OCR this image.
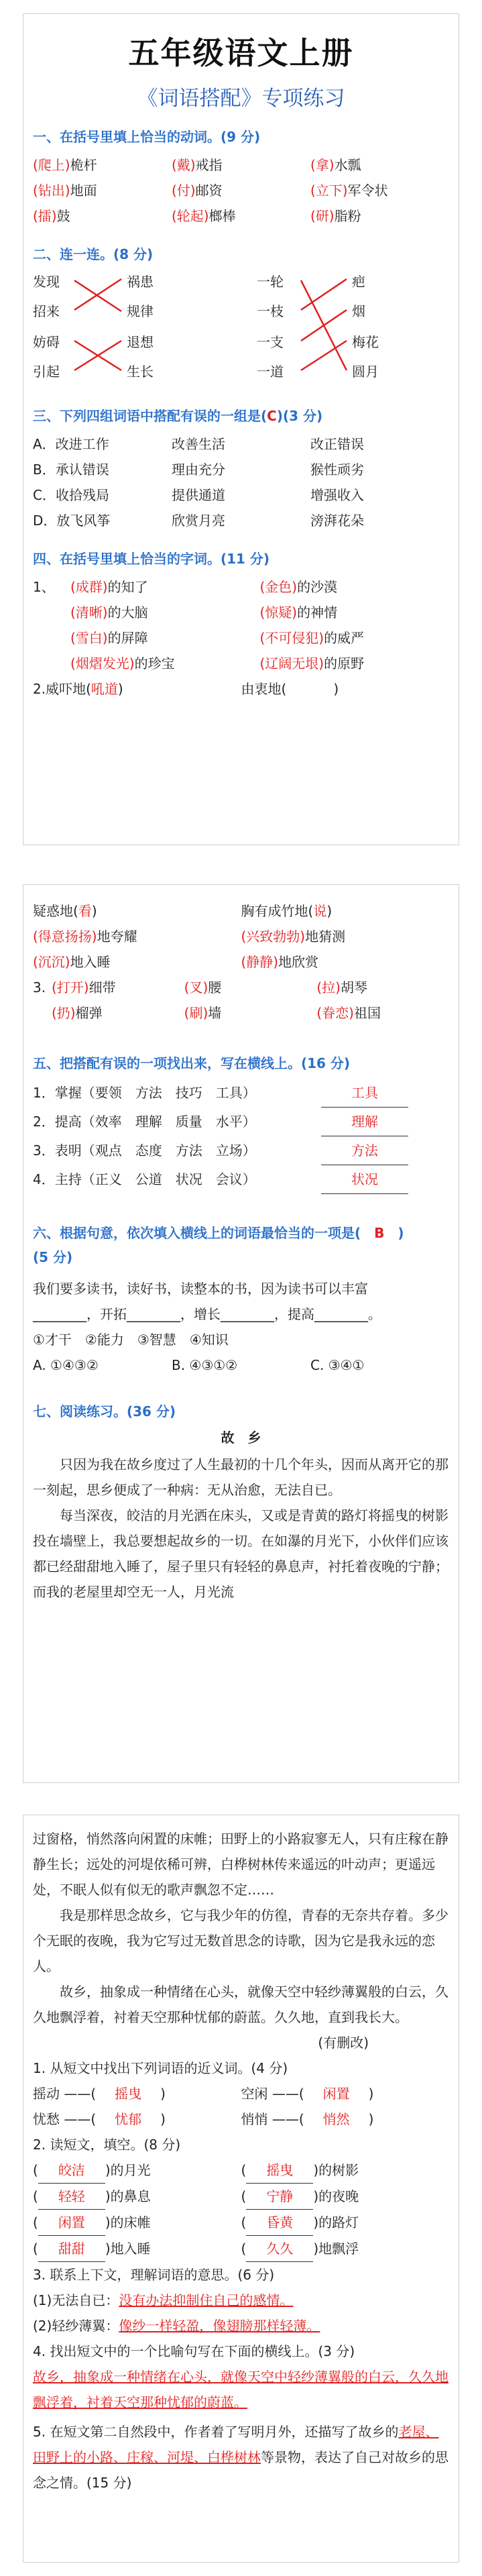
五年级语文上册
《词语搭配》专项练习
一、在括号里填上恰当的动词。(9 分)
(爬上)桅杆	(戴)戒指	(拿)水瓢
(钻出)地面	(付)邮资	(立下)军令状
(擂)鼓	(轮起)榔棒	(研)脂粉
二、连一连。(8 分)
发现
招来
妨碍
引起
祸患
规律
退想
生长
一轮
一枝
一支
一道
疤
烟
梅花
圆月
三、下列四组词语中搭配有误的一组是(C)(3 分)
A．改进工作	改善生活	改正错误
B．承认错误	理由充分	猴性顽劣
C．收拾残局	提供通道	增强收入
D．放飞风筝	欣赏月亮	滂湃花朵
四、在括号里填上恰当的字词。(11 分)
1、	(成群)的知了	(金色)的沙漠
(清晰)的大脑	(惊疑)的神情
(雪白)的屏障	(不可侵犯)的威严
(烟熠发光)的珍宝	(辽阔无垠)的原野
2.威吓地(吼道)	由衷地(	)
疑惑地(看)	胸有成竹地(说)
(得意扬扬)地夸耀	(兴致勃勃)地猜测
(沉沉)地入睡	(静静)地欣赏
3. (打开)细带	(叉)腰	(拉)胡琴
(扔)榴弹	(刷)墙	(眷恋)祖国
五、把搭配有误的一项找出来，写在横线上。(16 分)
1．掌握（要领　方法　技巧　工具）	工具
2．提高（效率　理解　质量　水平）	理解
3．表明（观点　态度　方法　立场）	方法
4．主持（正义　公道　状况　会议）	状况
六、根据句意，依次填入横线上的词语最恰当的一项是( B )
(5 分)
我们要多读书，读好书，读整本的书，因为读书可以丰富
________，开拓________，增长________，提高________。
①才干　②能力　③智慧　④知识
A. ①④③②	B. ④③①②	C. ③④①
七、阅读练习。(36 分)
故　乡
只因为我在故乡度过了人生最初的十几个年头，因而从离开它的那一刻起，思乡便成了一种病：无从治愈，无法自已。
每当深夜，皎洁的月光洒在床头，又或是青黄的路灯将摇曳的树影投在墙壁上，我总要想起故乡的一切。在如瀑的月光下，小伙伴们应该都已经甜甜地入睡了，屋子里只有轻轻的鼻息声，衬托着夜晚的宁静；而我的老屋里却空无一人，月光流
过窗格，悄然落向闲置的床帷；田野上的小路寂寥无人，只有庄稼在静静生长；远处的河堤依稀可辨，白桦树林传来遥远的叶动声；更遥远处，不眠人似有似无的歌声飘忽不定……
我是那样思念故乡，它与我少年的仿徨，青春的无奈共存着。多少个无眠的夜晚，我为它写过无数首思念的诗歌，因为它是我永远的恋人。
故乡，抽象成一种情绪在心头，就像天空中轻纱薄翼般的白云，久久地飘浮着，衬着天空那种忧郁的蔚蓝。久久地，直到我长大。
(有删改)
1. 从短文中找出下列词语的近义词。(4 分)
摇动 ——( 摇曳 )	空闲 ——( 闲置 )
忧愁 ——( 忧郁 )	悄悄 ——( 悄然 )
2. 读短文，填空。(8 分)
( 皎洁 )的月光	( 摇曳 )的树影
( 轻轻 )的鼻息	( 宁静 )的夜晚
( 闲置 )的床帷	( 昏黄 )的路灯
( 甜甜 )地入睡	( 久久 )地飘浮
3. 联系上下文，理解词语的意思。(6 分)
(1)无法自已：没有办法抑制住自己的感情。
(2)轻纱薄翼：像纱一样轻盈，像翅膀那样轻薄。
4. 找出短文中的一个比喻句写在下面的横线上。(3 分)
故乡，抽象成一种情绪在心头，就像天空中轻纱薄翼般的白云，久久地飘浮着，衬着天空那种忧郁的蔚蓝。
5. 在短文第二自然段中，作者着了写明月外，还描写了故乡的老屋、田野上的小路、庄稼、河堤、白桦树林等景物，表达了自己对故乡的思念之情。(15 分)
